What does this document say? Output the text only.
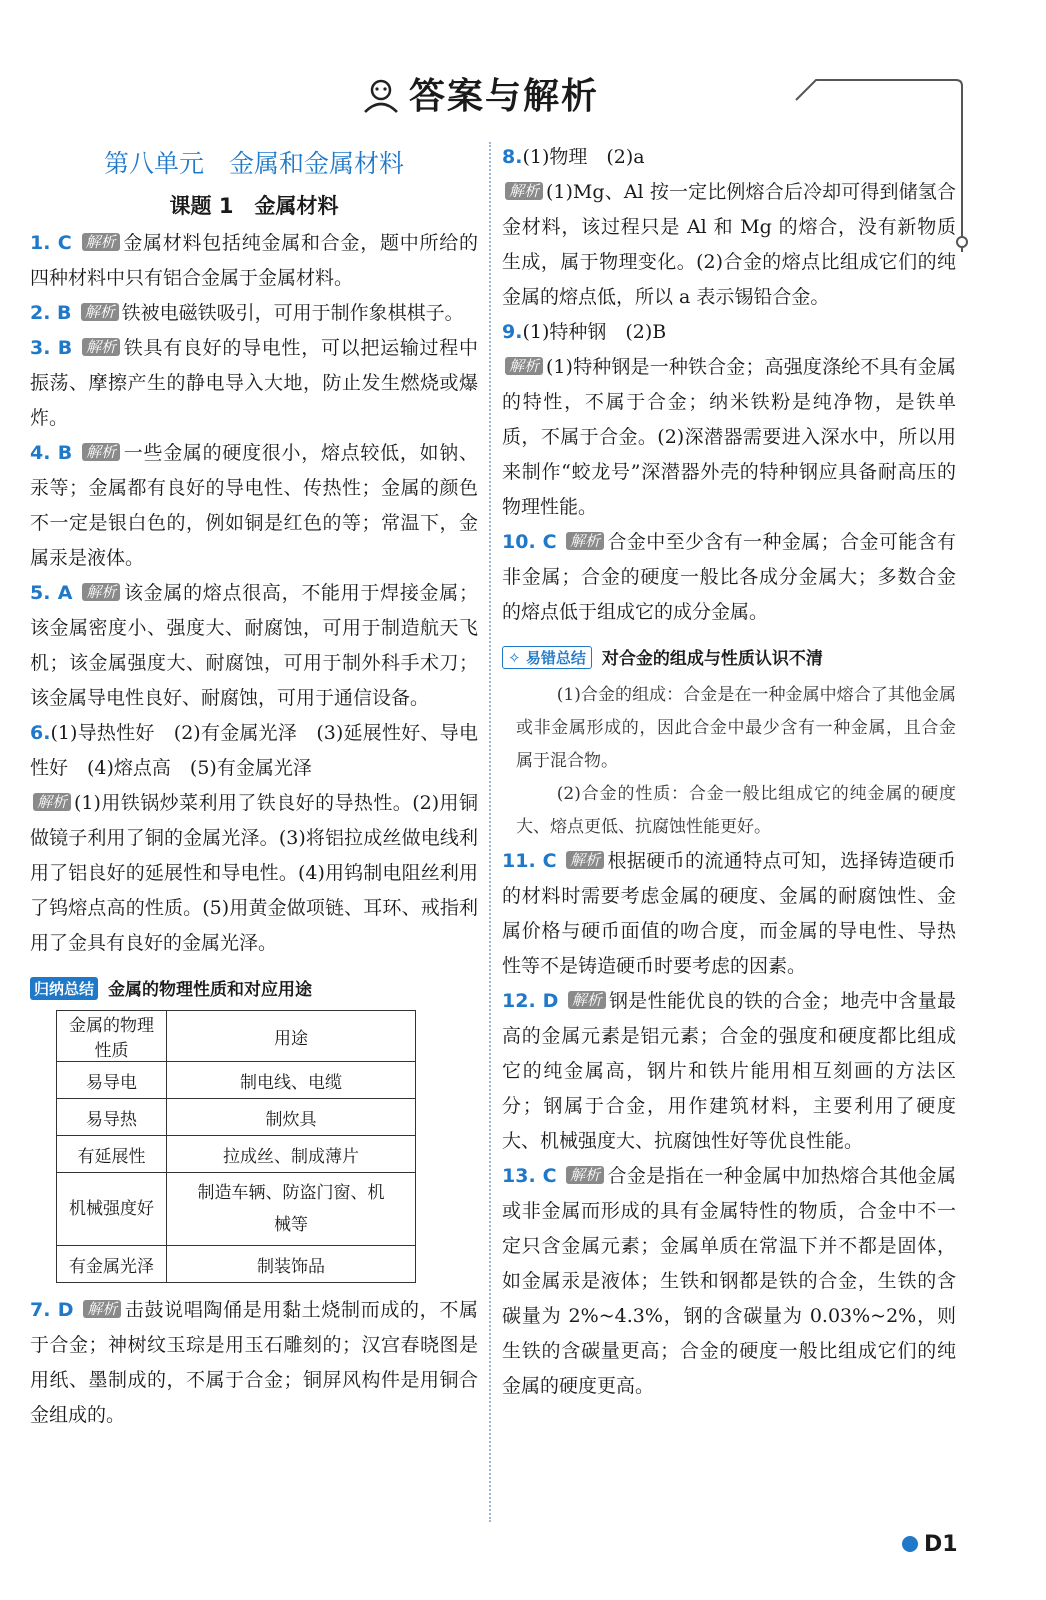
答案与解析
第八单元　金属和金属材料
课题 1　金属材料
1. C 解析 金属材料包括纯金属和合金，题中所给的四种材料中只有铝合金属于金属材料。
2. B 解析 铁被电磁铁吸引，可用于制作象棋棋子。
3. B 解析 铁具有良好的导电性，可以把运输过程中振荡、摩擦产生的静电导入大地，防止发生燃烧或爆炸。
4. B 解析 一些金属的硬度很小，熔点较低，如钠、汞等；金属都有良好的导电性、传热性；金属的颜色不一定是银白色的，例如铜是红色的等；常温下，金属汞是液体。
5. A 解析 该金属的熔点很高，不能用于焊接金属；该金属密度小、强度大、耐腐蚀，可用于制造航天飞机；该金属强度大、耐腐蚀，可用于制外科手术刀；该金属导电性良好、耐腐蚀，可用于通信设备。
6.(1)导热性好　(2)有金属光泽　(3)延展性好、导电性好　(4)熔点高　(5)有金属光泽
解析 (1)用铁锅炒菜利用了铁良好的导热性。(2)用铜做镜子利用了铜的金属光泽。(3)将铝拉成丝做电线利用了铝良好的延展性和导电性。(4)用钨制电阻丝利用了钨熔点高的性质。(5)用黄金做项链、耳环、戒指利用了金具有良好的金属光泽。
归纳总结 金属的物理性质和对应用途
金属的物理性质	用途
易导电	制电线、电缆
易导热	制炊具
有延展性	拉成丝、制成薄片
机械强度好	制造车辆、防盗门窗、机械等
有金属光泽	制装饰品
7. D 解析 击鼓说唱陶俑是用黏土烧制而成的，不属于合金；神树纹玉琮是用玉石雕刻的；汉宫春晓图是用纸、墨制成的，不属于合金；铜屏风构件是用铜合金组成的。
8.(1)物理　(2)a
解析 (1)Mg、Al 按一定比例熔合后冷却可得到储氢合金材料，该过程只是 Al 和 Mg 的熔合，没有新物质生成，属于物理变化。(2)合金的熔点比组成它们的纯金属的熔点低，所以 a 表示锡铅合金。
9.(1)特种钢　(2)B
解析 (1)特种钢是一种铁合金；高强度涤纶不具有金属的特性，不属于合金；纳米铁粉是纯净物，是铁单质，不属于合金。(2)深潜器需要进入深水中，所以用来制作“蛟龙号”深潜器外壳的特种钢应具备耐高压的物理性能。
10. C 解析 合金中至少含有一种金属；合金可能含有非金属；合金的硬度一般比各成分金属大；多数合金的熔点低于组成它的成分金属。
✧ 易错总结 对合金的组成与性质认识不清
(1)合金的组成：合金是在一种金属中熔合了其他金属或非金属形成的，因此合金中最少含有一种金属，且合金属于混合物。
(2)合金的性质：合金一般比组成它的纯金属的硬度大、熔点更低、抗腐蚀性能更好。
11. C 解析 根据硬币的流通特点可知，选择铸造硬币的材料时需要考虑金属的硬度、金属的耐腐蚀性、金属价格与硬币面值的吻合度，而金属的导电性、导热性等不是铸造硬币时要考虑的因素。
12. D 解析 钢是性能优良的铁的合金；地壳中含量最高的金属元素是铝元素；合金的强度和硬度都比组成它的纯金属高，钢片和铁片能用相互刻画的方法区分；钢属于合金，用作建筑材料，主要利用了硬度大、机械强度大、抗腐蚀性好等优良性能。
13. C 解析 合金是指在一种金属中加热熔合其他金属或非金属而形成的具有金属特性的物质，合金中不一定只含金属元素；金属单质在常温下并不都是固体，如金属汞是液体；生铁和钢都是铁的合金，生铁的含碳量为 2%~4.3%，钢的含碳量为 0.03%~2%，则生铁的含碳量更高；合金的硬度一般比组成它们的纯金属的硬度更高。
D1
